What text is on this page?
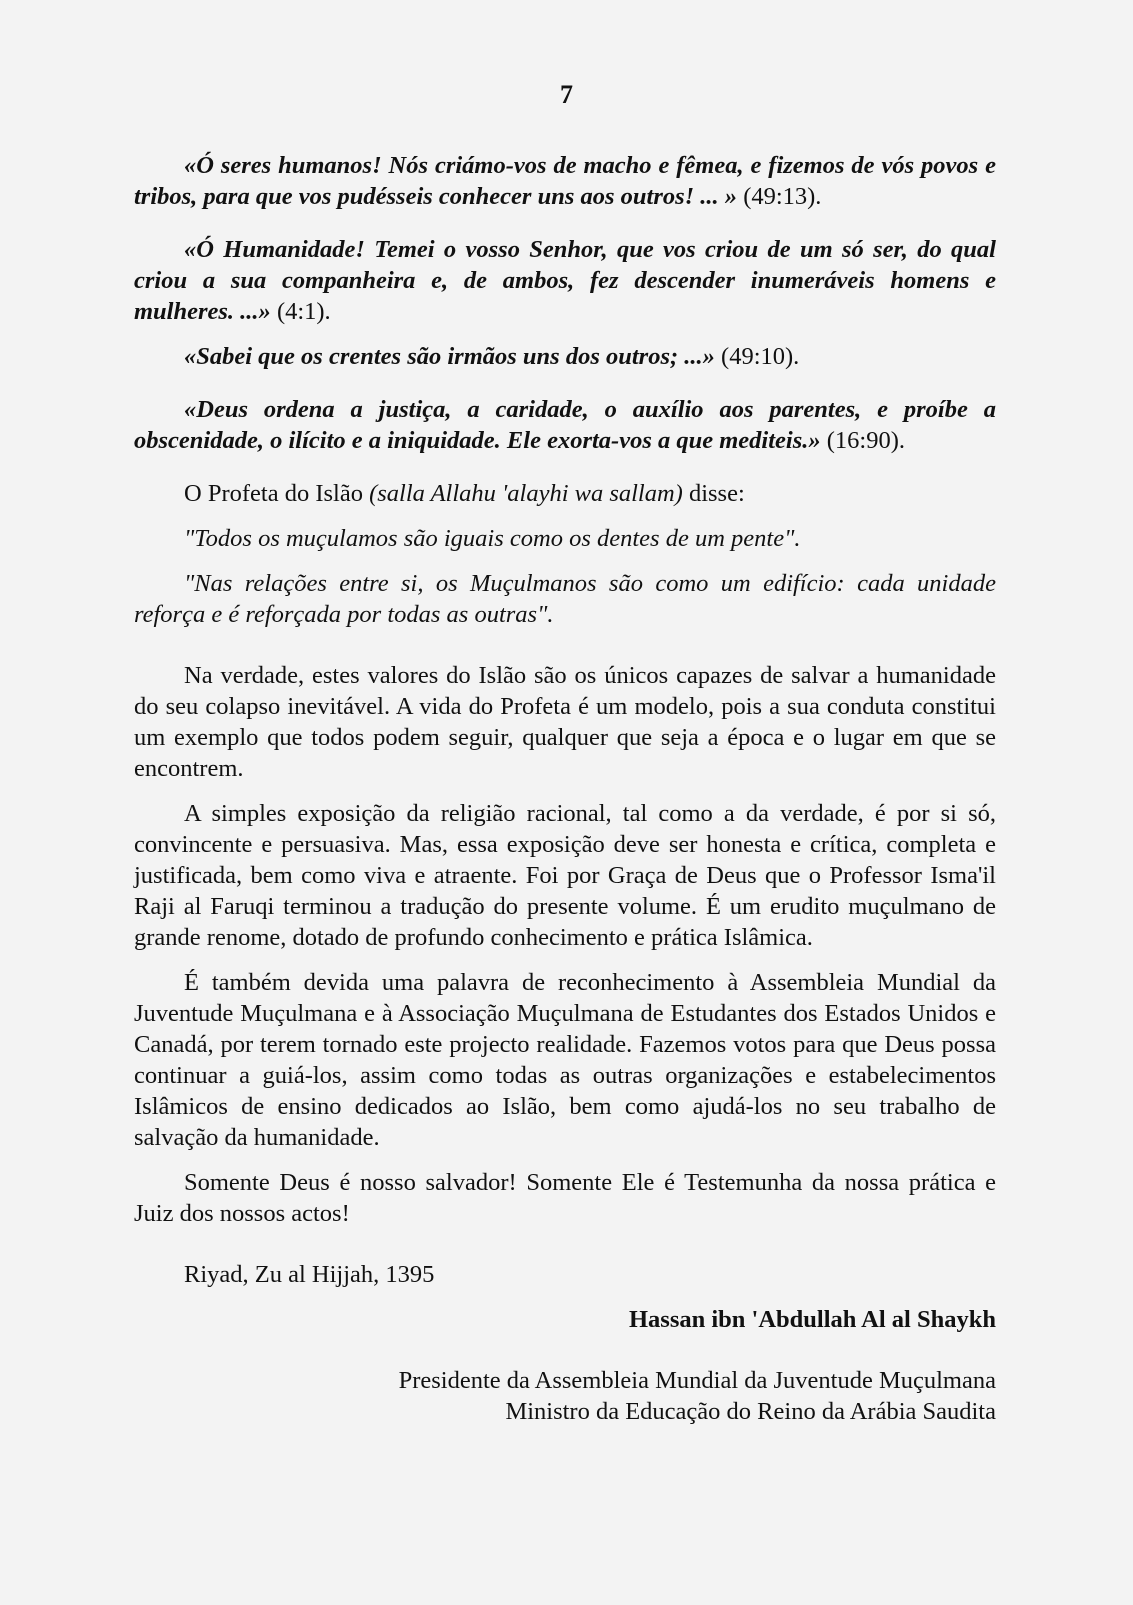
7

«Ó seres humanos! Nós criámo-vos de macho e fêmea, e fizemos de vós povos e tribos, para que vos pudésseis conhecer uns aos outros! ... » (49:13).

«Ó Humanidade! Temei o vosso Senhor, que vos criou de um só ser, do qual criou a sua companheira e, de ambos, fez descender inumeráveis homens e mulheres. ...» (4:1).

«Sabei que os crentes são irmãos uns dos outros; ...» (49:10).

«Deus ordena a justiça, a caridade, o auxílio aos parentes, e proíbe a obscenidade, o ilícito e a iniquidade. Ele exorta-vos a que mediteis.» (16:90).

O Profeta do Islão (salla Allahu 'alayhi wa sallam) disse:

"Todos os muçulamos são iguais como os dentes de um pente".

"Nas relações entre si, os Muçulmanos são como um edifício: cada unidade reforça e é reforçada por todas as outras".

Na verdade, estes valores do Islão são os únicos capazes de salvar a humanidade do seu colapso inevitável. A vida do Profeta é um modelo, pois a sua conduta constitui um exemplo que todos podem seguir, qualquer que seja a época e o lugar em que se encontrem.

A simples exposição da religião racional, tal como a da verdade, é por si só, convincente e persuasiva. Mas, essa exposição deve ser honesta e crítica, completa e justificada, bem como viva e atraente. Foi por Graça de Deus que o Professor Isma'il Raji al Faruqi terminou a tradução do presente volume. É um erudito muçulmano de grande renome, dotado de profundo conhecimento e prática Islâmica.

É também devida uma palavra de reconhecimento à Assembleia Mundial da Juventude Muçulmana e à Associação Muçulmana de Estudantes dos Estados Unidos e Canadá, por terem tornado este projecto realidade. Fazemos votos para que Deus possa continuar a guiá-los, assim como todas as outras organizações e estabelecimentos Islâmicos de ensino dedicados ao Islão, bem como ajudá-los no seu trabalho de salvação da humanidade.

Somente Deus é nosso salvador! Somente Ele é Testemunha da nossa prática e Juiz dos nossos actos!

Riyad, Zu al Hijjah, 1395

Hassan ibn 'Abdullah Al al Shaykh

Presidente da Assembleia Mundial da Juventude Muçulmana

Ministro da Educação do Reino da Arábia Saudita
